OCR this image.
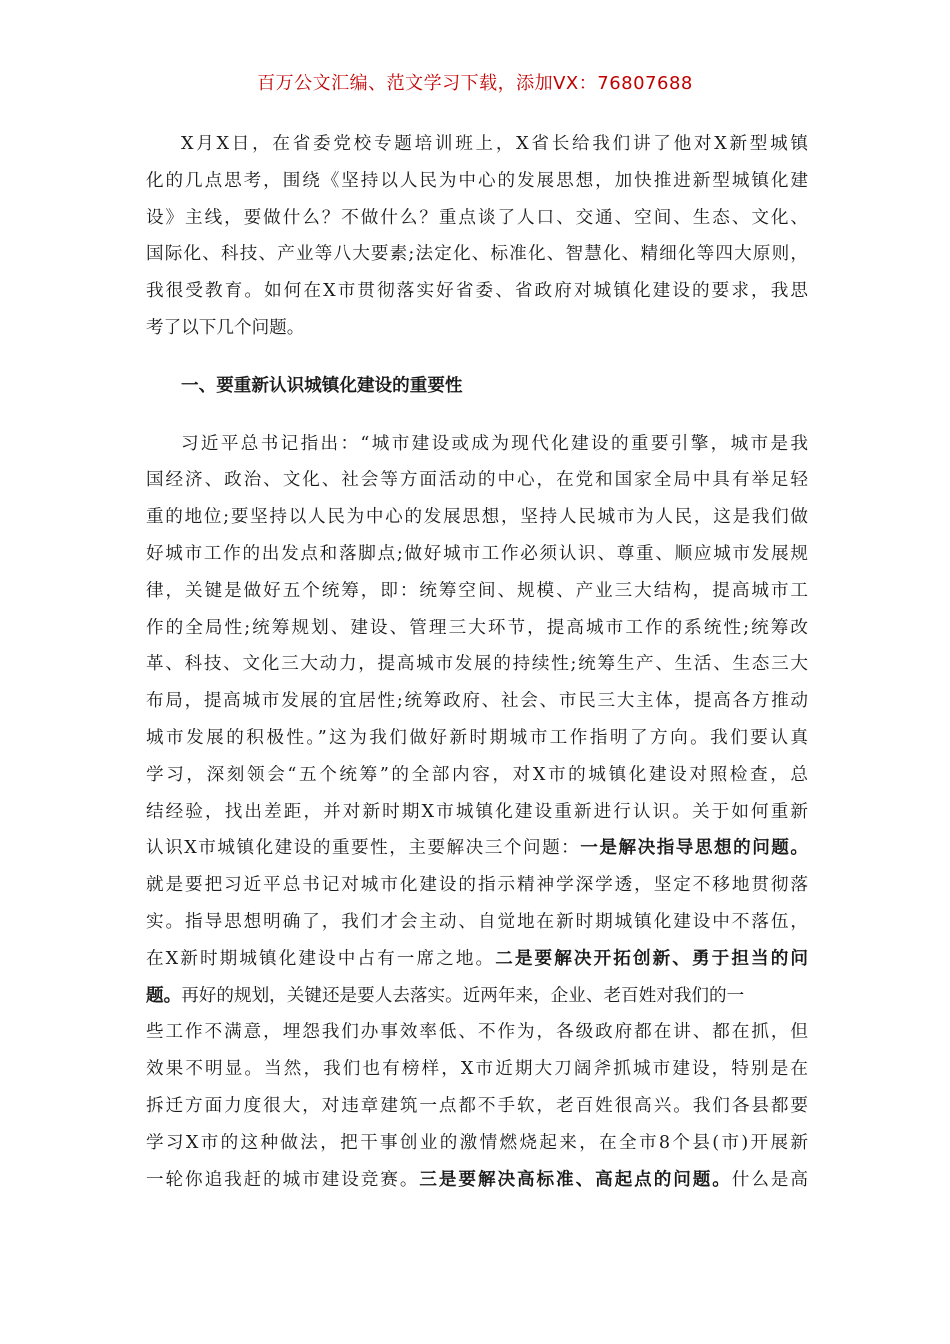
百万公文汇编、范文学习下载，添加VX：76807688
X月X日，在省委党校专题培训班上，X省长给我们讲了他对X新型城镇
化的几点思考，围绕《坚持以人民为中心的发展思想，加快推进新型城镇化建
设》主线，要做什么？不做什么？重点谈了人口、交通、空间、生态、文化、
国际化、科技、产业等八大要素;法定化、标准化、智慧化、精细化等四大原则，
我很受教育。如何在X市贯彻落实好省委、省政府对城镇化建设的要求，我思
考了以下几个问题。
一、要重新认识城镇化建设的重要性
习近平总书记指出：“城市建设或成为现代化建设的重要引擎，城市是我
国经济、政治、文化、社会等方面活动的中心，在党和国家全局中具有举足轻
重的地位;要坚持以人民为中心的发展思想，坚持人民城市为人民，这是我们做
好城市工作的出发点和落脚点;做好城市工作必须认识、尊重、顺应城市发展规
律，关键是做好五个统筹，即：统筹空间、规模、产业三大结构，提高城市工
作的全局性;统筹规划、建设、管理三大环节，提高城市工作的系统性;统筹改
革、科技、文化三大动力，提高城市发展的持续性;统筹生产、生活、生态三大
布局，提高城市发展的宜居性;统筹政府、社会、市民三大主体，提高各方推动
城市发展的积极性。”这为我们做好新时期城市工作指明了方向。我们要认真
学习，深刻领会“五个统筹”的全部内容，对X市的城镇化建设对照检查，总
结经验，找出差距，并对新时期X市城镇化建设重新进行认识。关于如何重新
认识X市城镇化建设的重要性，主要解决三个问题：一是解决指导思想的问题。
就是要把习近平总书记对城市化建设的指示精神学深学透，坚定不移地贯彻落
实。指导思想明确了，我们才会主动、自觉地在新时期城镇化建设中不落伍，
在X新时期城镇化建设中占有一席之地。二是要解决开拓创新、勇于担当的问
题。再好的规划，关键还是要人去落实。近两年来，企业、老百姓对我们的一
些工作不满意，埋怨我们办事效率低、不作为，各级政府都在讲、都在抓，但
效果不明显。当然，我们也有榜样，X市近期大刀阔斧抓城市建设，特别是在
拆迁方面力度很大，对违章建筑一点都不手软，老百姓很高兴。我们各县都要
学习X市的这种做法，把干事创业的激情燃烧起来，在全市8个县(市)开展新
一轮你追我赶的城市建设竞赛。三是要解决高标准、高起点的问题。什么是高
